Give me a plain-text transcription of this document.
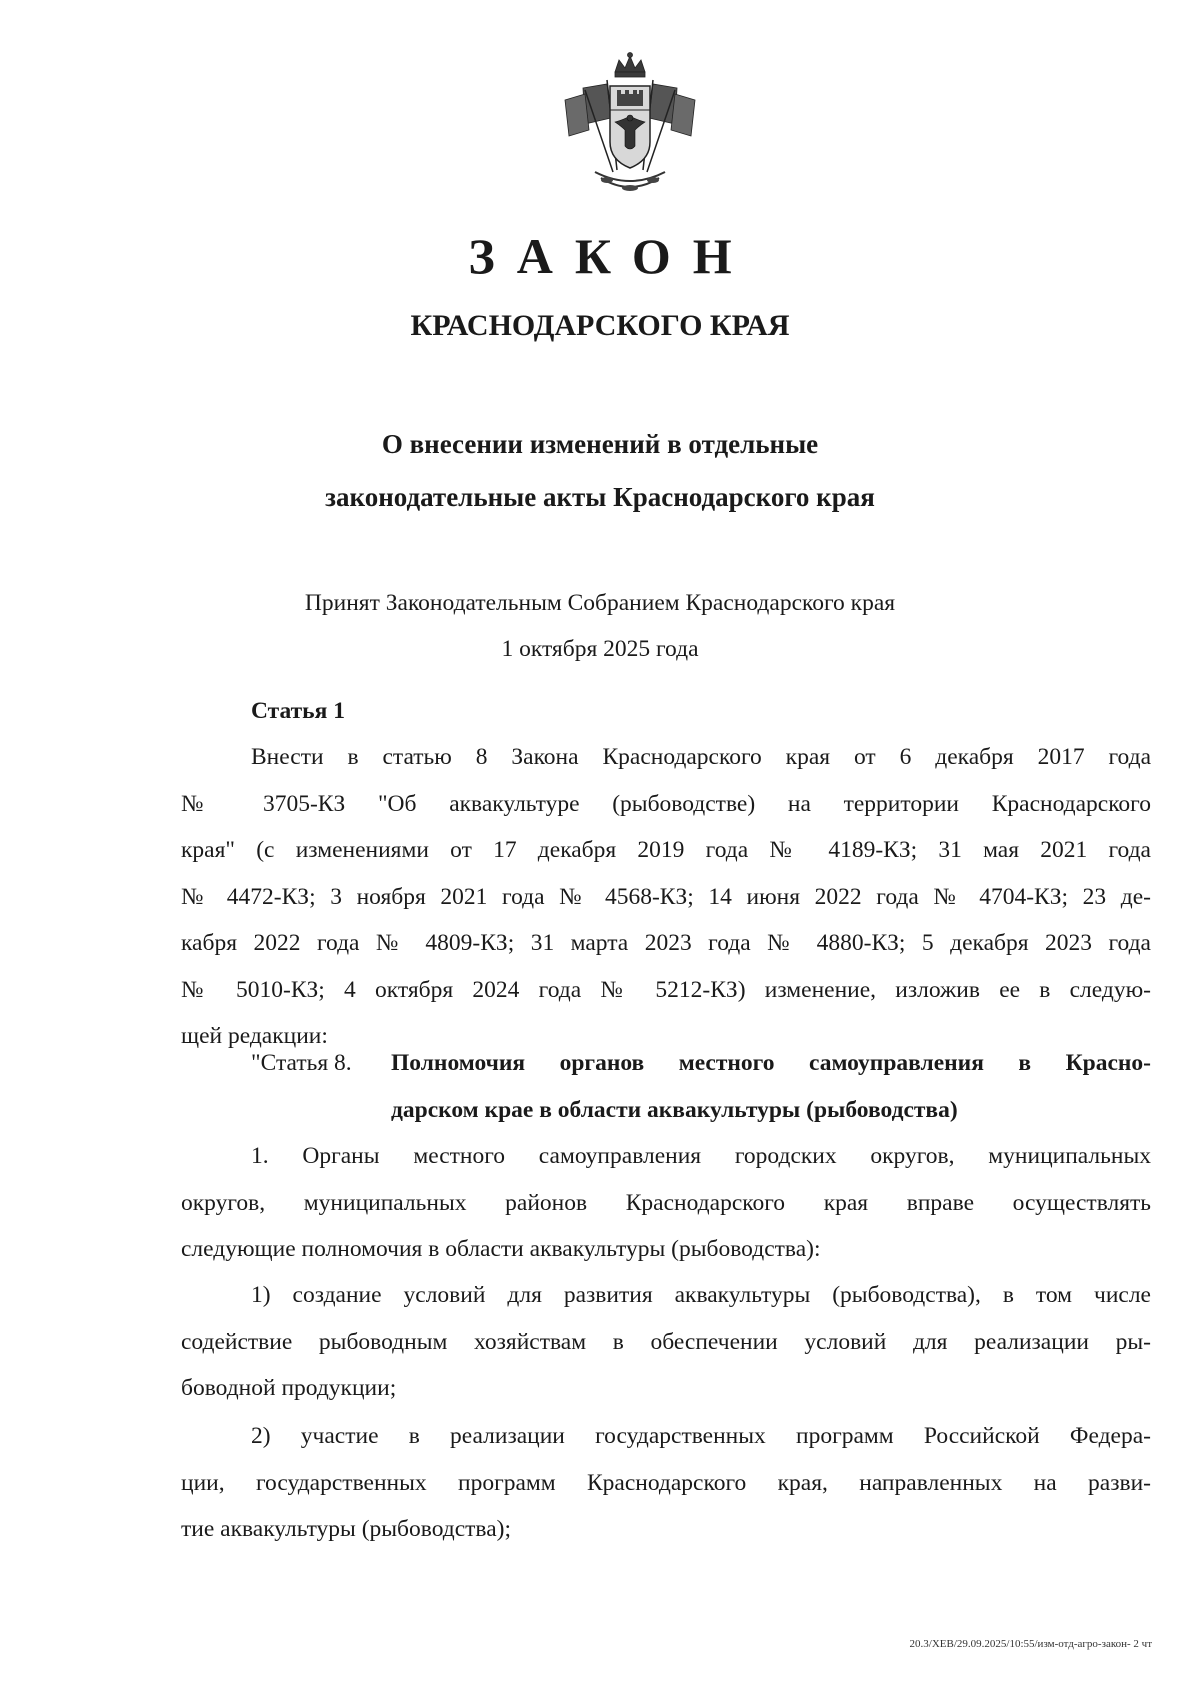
ЗАКОН
КРАСНОДАРСКОГО КРАЯ
О внесении изменений в отдельные
законодательные акты Краснодарского края
Принят Законодательным Собранием Краснодарского края
1 октября 2025 года
Статья 1
Внести в статью 8 Закона Краснодарского края от 6 декабря 2017 года
№ 3705-КЗ "Об аквакультуре (рыбоводстве) на территории Краснодарского
края" (с изменениями от 17 декабря 2019 года № 4189-КЗ; 31 мая 2021 года
№ 4472-КЗ; 3 ноября 2021 года № 4568-КЗ; 14 июня 2022 года № 4704-КЗ; 23 де-
кабря 2022 года № 4809-КЗ; 31 марта 2023 года № 4880-КЗ; 5 декабря 2023 года
№ 5010-КЗ; 4 октября 2024 года № 5212-КЗ) изменение, изложив ее в следую-
щей редакции:
"Статья 8. Полномочия органов местного самоуправления в Красно-
дарском крае в области аквакультуры (рыбоводства)
1. Органы местного самоуправления городских округов, муниципальных
округов, муниципальных районов Краснодарского края вправе осуществлять
следующие полномочия в области аквакультуры (рыбоводства):
1) создание условий для развития аквакультуры (рыбоводства), в том числе
содействие рыбоводным хозяйствам в обеспечении условий для реализации ры-
боводной продукции;
2) участие в реализации государственных программ Российской Федера-
ции, государственных программ Краснодарского края, направленных на разви-
тие аквакультуры (рыбоводства);
20.3/ХЕВ/29.09.2025/10:55/изм-отд-агро-закон- 2 чт
